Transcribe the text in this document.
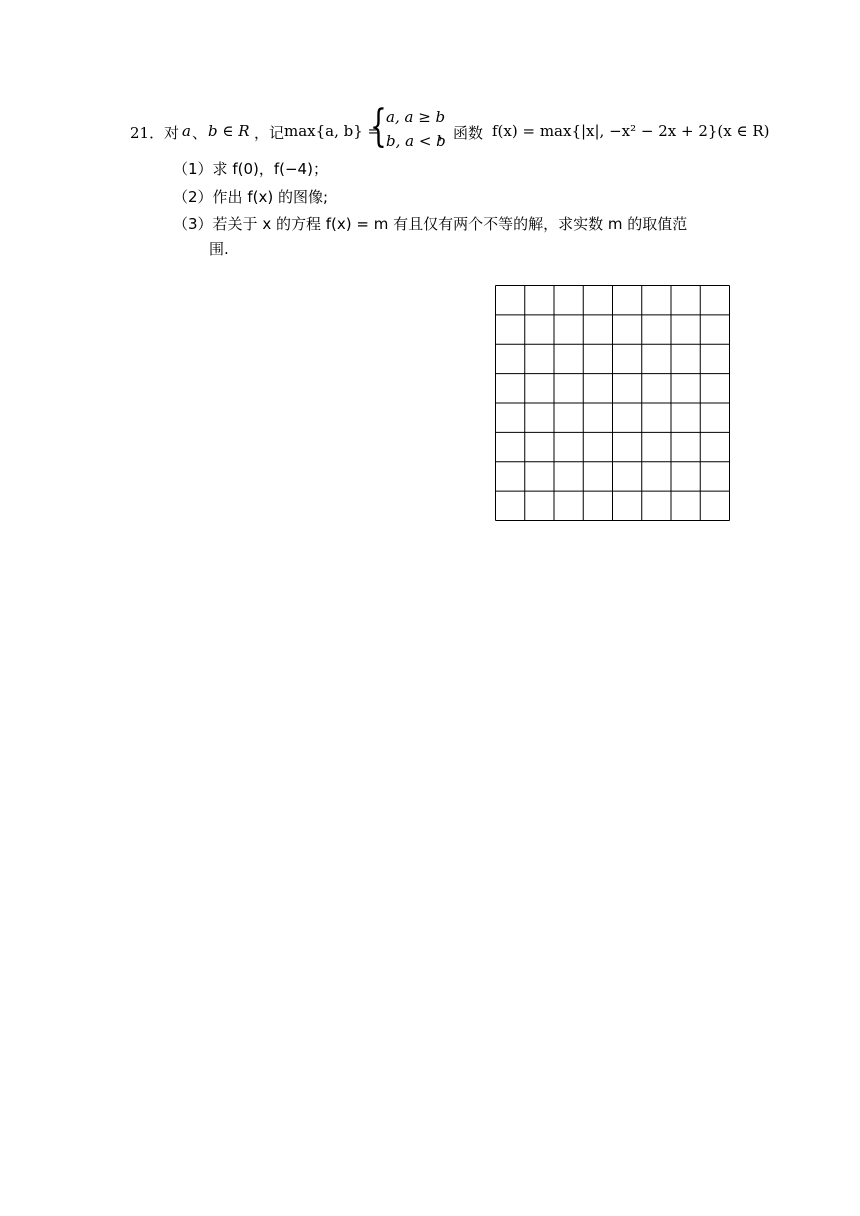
21． 对 a 、 b ∈ R ，记 max{a, b} =
{ a, a ≥ b
b, a < b
，函数 f(x) = max{|x|, −x² − 2x + 2}(x ∈ R)
（1）求 f(0)，f(−4)；
（2）作出 f(x) 的图像;
（3）若关于 x 的方程 f(x) = m 有且仅有两个不等的解，求实数 m 的取值范
围.
